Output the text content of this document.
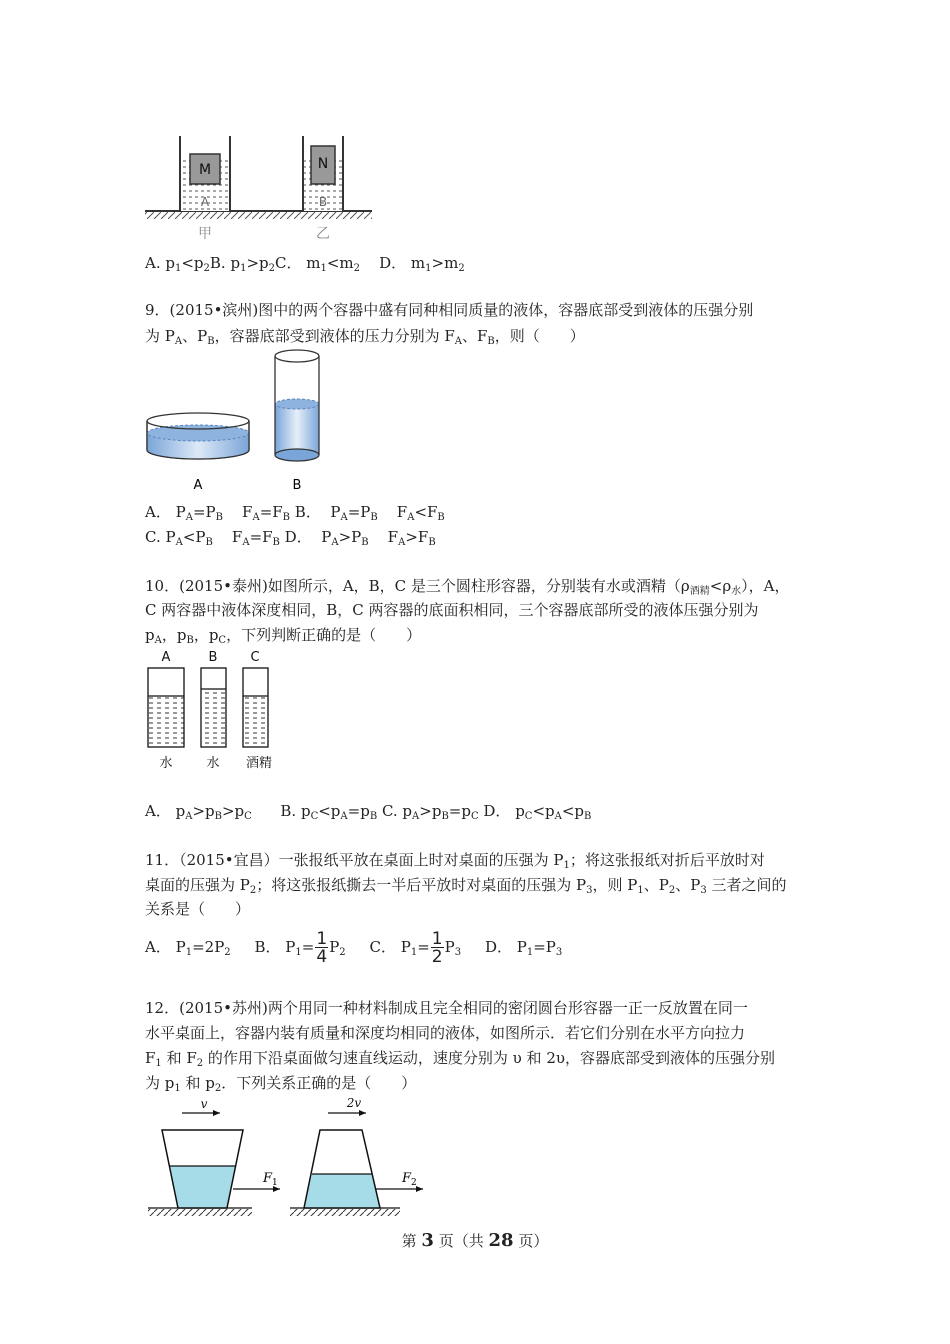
M
A
N
B
甲	乙
A. $p_1<p_2B$. $p_1>p_2C$． $m_1<m_2$ D． $m_1>m_2$
9．(2015•滨州)图中的两个容器中盛有同种相同质量的液体，容器底部受到液体的压强分别
为 $P_A$、$P_B$，容器底部受到液体的压力分别为 $F_A$、$F_B$，则（　　）
A	B
A． $P_A=P_B$    $F_A=F_B$ B．  $P_A=P_B$    $F_A<F_B$
C. $P_A<P_B$    $F_A=F_B$ D．  $P_A>P_B$    $F_A>F_B$
10．(2015•泰州)如图所示，A，B，C 是三个圆柱形容器，分别装有水或酒精$(\rho_{酒精}<\rho_水)$，A，
C 两容器中液体深度相同，B，C 两容器的底面积相同，三个容器底部所受的液体压强分别为
$p_A$，$p_B$，$p_C$，下列判断正确的是（　　）
A	B	C
水	水 酒精
A． $p_A>p_B>p_C$      B. $p_C<p_A=p_B$ C. $p_A>p_B=p_C$ D． $p_C<p_A<p_B$
11．（2015•宜昌）一张报纸平放在桌面上时对桌面的压强为 $P_1$；将这张报纸对折后平放时对
桌面的压强为 $P_2$；将这张报纸撕去一半后平放时对桌面的压强为 $P_3$，则 $P_1$、$P_2$、$P_3$ 三者之间的
关系是（　　）
A． $P_1=2P_2$ B． $P_1= \frac{1}{4} P_2$ C． $P_1= \frac{1}{2} P_3$ D． $P_1=P_3$
12．(2015•苏州)两个用同一种材料制成且完全相同的密闭圆台形容器一正一反放置在同一
水平桌面上，容器内装有质量和深度均相同的液体，如图所示．若它们分别在水平方向拉力
$F_1$ 和 $F_2$ 的作用下沿桌面做匀速直线运动，速度分别为 υ 和 2υ，容器底部受到液体的压强分别
为 $p_1$ 和 $p_2$．下列关系正确的是（　　）
v	2v
$F_1$	$F_2$
第 3 页（共 28 页）
